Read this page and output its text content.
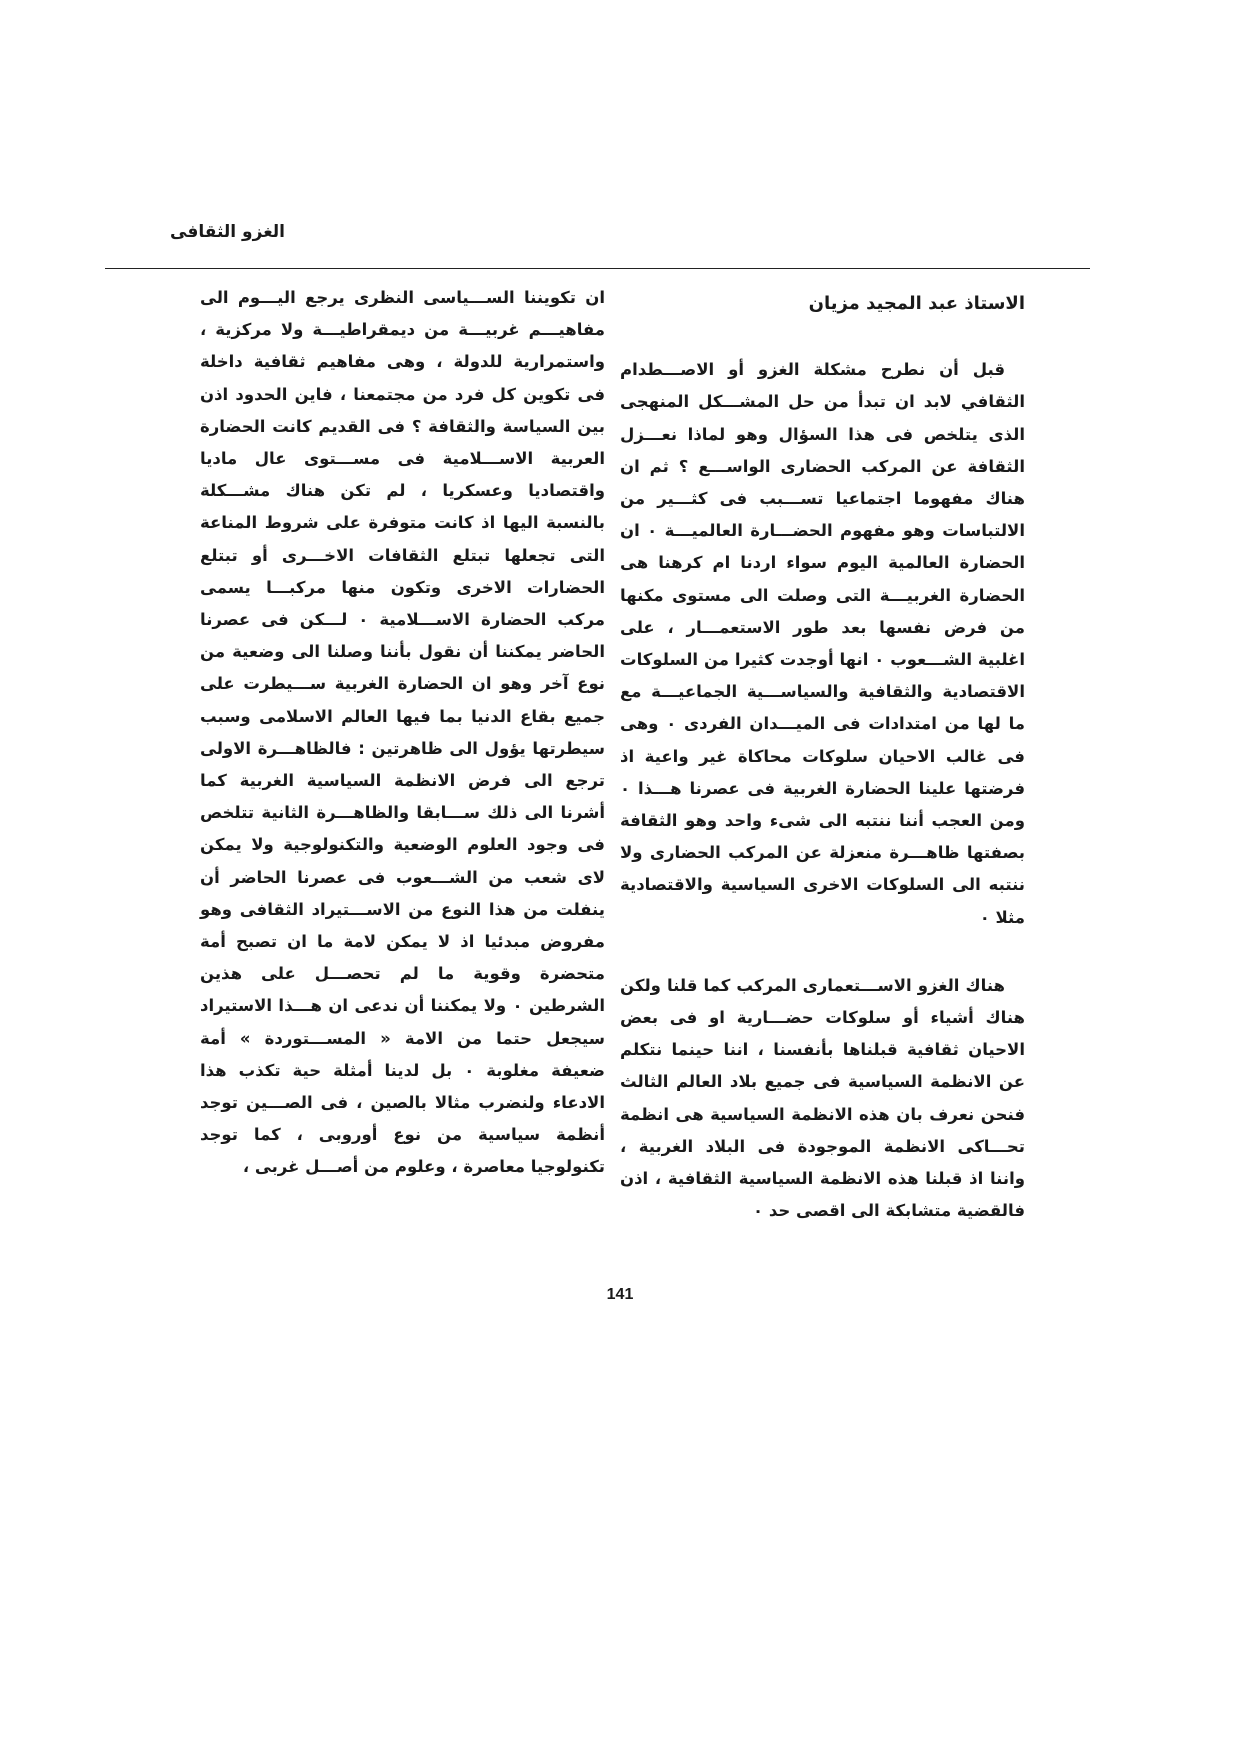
الغزو الثقافى
الاستاذ عبد المجيد مزيان

قبل أن نطرح مشكلة الغزو أو الاصـــطدام الثقافي لابد ان تبدأ من حل المشـــكل المنهجى الذى يتلخص فى هذا السؤال وهو لماذا نعـــزل الثقافة عن المركب الحضارى الواســـع ؟ ثم ان هناك مفهوما اجتماعيا تســـبب فى كثـــير من الالتباسات وهو مفهوم الحضـــارة العالميـــة ٠ ان الحضارة العالمية اليوم سواء اردنا ام كرهنا هى الحضارة الغربيـــة التى وصلت الى مستوى مكنها من فرض نفسها بعد طور الاستعمـــار ، على اغلبية الشـــعوب ٠ انها أوجدت كثيرا من السلوكات الاقتصادية والثقافية والسياســـية الجماعيـــة مع ما لها من امتدادات فى الميـــدان الفردى ٠ وهى فى غالب الاحيان سلوكات محاكاة غير واعية اذ فرضتها علينا الحضارة الغربية فى عصرنا هـــذا ٠ ومن العجب أننا ننتبه الى شىء واحد وهو الثقافة بصفتها ظاهـــرة منعزلة عن المركب الحضارى ولا ننتبه الى السلوكات الاخرى السياسية والاقتصادية مثلا ٠

هناك الغزو الاســـتعمارى المركب كما قلنا ولكن هناك أشياء أو سلوكات حضـــارية او فى بعض الاحيان ثقافية قبلناها بأنفسنا ، اننا حينما نتكلم عن الانظمة السياسية فى جميع بلاد العالم الثالث فنحن نعرف بان هذه الانظمة السياسية هى انظمة تحـــاكى الانظمة الموجودة فى البلاد الغربية ، واننا اذ قبلنا هذه الانظمة السياسية الثقافية ، اذن فالقضية متشابكة الى اقصى حد ٠

ان تكويننا الســـياسى النظرى يرجع اليـــوم الى مفاهيـــم غربيـــة من ديمقراطيـــة ولا مركزية ، واستمرارية للدولة ، وهى مفاهيم ثقافية داخلة فى تكوين كل فرد من مجتمعنا ، فاين الحدود اذن بين السياسة والثقافة ؟ فى القديم كانت الحضارة العربية الاســـلامية فى مســـتوى عال ماديا واقتصاديا وعسكريا ، لم تكن هناك مشـــكلة بالنسبة اليها اذ كانت متوفرة على شروط المناعة التى تجعلها تبتلع الثقافات الاخـــرى أو تبتلع الحضارات الاخرى وتكون منها مركبـــا يسمى مركب الحضارة الاســـلامية ٠ لـــكن فى عصرنا الحاضر يمكننا أن نقول بأننا وصلنا الى وضعية من نوع آخر وهو ان الحضارة الغربية ســـيطرت على جميع بقاع الدنيا بما فيها العالم الاسلامى وسبب سيطرتها يؤول الى ظاهرتين : فالظاهـــرة الاولى ترجع الى فرض الانظمة السياسية الغربية كما أشرنا الى ذلك ســـابقا والظاهـــرة الثانية تتلخص فى وجود العلوم الوضعية والتكنولوجية ولا يمكن لاى شعب من الشـــعوب فى عصرنا الحاضر أن ينفلت من هذا النوع من الاســـتيراد الثقافى وهو مفروض مبدئيا اذ لا يمكن لامة ما ان تصبح أمة متحضرة وقوية ما لم تحصـــل على هذين الشرطين ٠ ولا يمكننا أن ندعى ان هـــذا الاستيراد سيجعل حتما من الامة « المســـتوردة » أمة ضعيفة مغلوبة ٠ بل لدينا أمثلة حية تكذب هذا الادعاء ولنضرب مثالا بالصين ، فى الصـــين توجد أنظمة سياسية من نوع أوروبى ، كما توجد تكنولوجيا معاصرة ، وعلوم من أصـــل غربى ،

141
